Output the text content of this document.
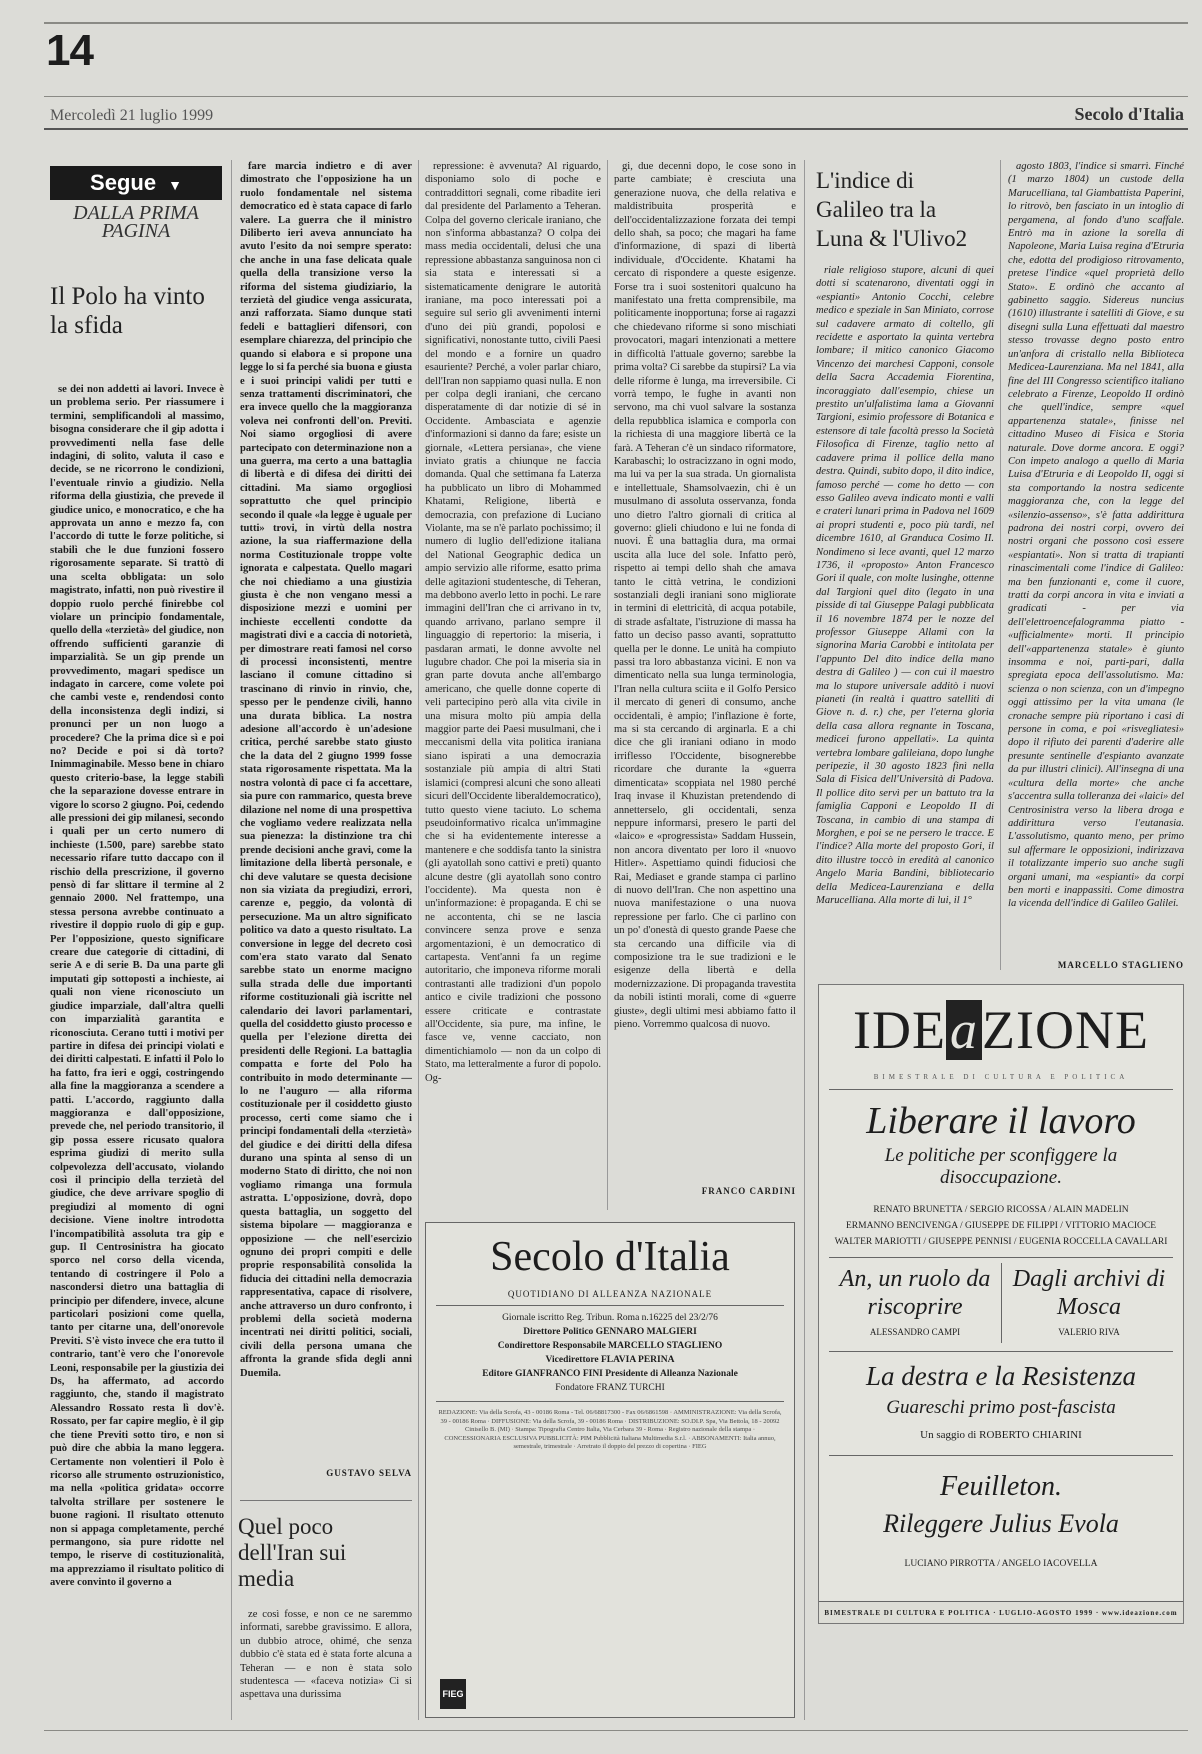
14
Mercoledì 21 luglio 1999	Secolo d'Italia
Segue ▼
DALLA PRIMA PAGINA
Il Polo ha vinto la sfida

se dei non addetti ai lavori. Invece è un problema serio. Per riassumere i termini, semplificandoli al massimo, bisogna considerare che il gip adotta i provvedimenti nella fase delle indagini, di solito, valuta il caso e decide, se ne ricorrono le condizioni, l'eventuale rinvio a giudizio. Nella riforma della giustizia, che prevede il giudice unico, e monocratico, e che ha approvata un anno e mezzo fa, con l'accordo di tutte le forze politiche, si stabilì che le due funzioni fossero rigorosamente separate. Si trattò di una scelta obbligata: un solo magistrato, infatti, non può rivestire il doppio ruolo perché finirebbe col violare un principio fondamentale, quello della «terzietà» del giudice, non offrendo sufficienti garanzie di imparzialità. Se un gip prende un provvedimento, magari spedisce un indagato in carcere, come volete poi che cambi veste e, rendendosi conto della inconsistenza degli indizi, si pronunci per un non luogo a procedere? Che la prima dice sì e poi no? Decide e poi si dà torto? Inimmaginabile. Messo bene in chiaro questo criterio-base, la legge stabilì che la separazione dovesse entrare in vigore lo scorso 2 giugno. Poi, cedendo alle pressioni dei gip milanesi, secondo i quali per un certo numero di inchieste (1.500, pare) sarebbe stato necessario rifare tutto daccapo con il rischio della prescrizione, il governo pensò di far slittare il termine al 2 gennaio 2000. Nel frattempo, una stessa persona avrebbe continuato a rivestire il doppio ruolo di gip e gup. Per l'opposizione, questo significare creare due categorie di cittadini, di serie A e di serie B. Da una parte gli imputati gip sottoposti a inchieste, ai quali non viene riconosciuto un giudice imparziale, dall'altra quelli con imparzialità garantita e riconosciuta. Cerano tutti i motivi per partire in difesa dei principi violati e dei diritti calpestati. E infatti il Polo lo ha fatto, fra ieri e oggi, costringendo alla fine la maggioranza a scendere a patti. L'accordo, raggiunto dalla maggioranza e dall'opposizione, prevede che, nel periodo transitorio, il gip possa essere ricusato qualora esprima giudizi di merito sulla colpevolezza dell'accusato, violando così il principio della terzietà del giudice, che deve arrivare spoglio di pregiudizi al momento di ogni decisione. Viene inoltre introdotta l'incompatibilità assoluta tra gip e gup. Il Centrosinistra ha giocato sporco nel corso della vicenda, tentando di costringere il Polo a nascondersi dietro una battaglia di principio per difendere, invece, alcune particolari posizioni come quella, tanto per citarne una, dell'onorevole Previti. S'è visto invece che era tutto il contrario, tant'è vero che l'onorevole Leoni, responsabile per la giustizia dei Ds, ha affermato, ad accordo raggiunto, che, stando il magistrato Alessandro Rossato resta lì dov'è. Rossato, per far capire meglio, è il gip che tiene Previti sotto tiro, e non si può dire che abbia la mano leggera. Certamente non volentieri il Polo è ricorso alle strumento ostruzionistico, ma nella «politica gridata» occorre talvolta strillare per sostenere le buone ragioni. Il risultato ottenuto non si appaga completamente, perché permangono, sia pure ridotte nel tempo, le riserve di costituzionalità, ma apprezziamo il risultato politico di avere convinto il governo a

fare marcia indietro e di aver dimostrato che l'opposizione ha un ruolo fondamentale nel sistema democratico ed è stata capace di farlo valere. La guerra che il ministro Diliberto ieri aveva annunciato ha avuto l'esito da noi sempre sperato: che anche in una fase delicata quale quella della transizione verso la riforma del sistema giudiziario, la terzietà del giudice venga assicurata, anzi rafforzata. Siamo dunque stati fedeli e battaglieri difensori, con esemplare chiarezza, del principio che quando si elabora e si propone una legge lo si fa perché sia buona e giusta e i suoi principi validi per tutti e senza trattamenti discriminatori, che era invece quello che la maggioranza voleva nei confronti dell'on. Previti. Noi siamo orgogliosi di avere partecipato con determinazione non a una guerra, ma certo a una battaglia di libertà e di difesa dei diritti dei cittadini. Ma siamo orgogliosi soprattutto che quel principio secondo il quale «la legge è uguale per tutti» trovi, in virtù della nostra azione, la sua riaffermazione della norma Costituzionale troppe volte ignorata e calpestata. Quello magari che noi chiediamo a una giustizia giusta è che non vengano messi a disposizione mezzi e uomini per inchieste eccellenti condotte da magistrati divi e a caccia di notorietà, per dimostrare reati famosi nel corso di processi inconsistenti, mentre lasciano il comune cittadino si trascinano di rinvio in rinvio, che, spesso per le pendenze civili, hanno una durata biblica. La nostra adesione all'accordo è un'adesione critica, perché sarebbe stato giusto che la data del 2 giugno 1999 fosse stata rigorosamente rispettata. Ma la nostra volontà di pace ci fa accettare, sia pure con rammarico, questa breve dilazione nel nome di una prospettiva che vogliamo vedere realizzata nella sua pienezza: la distinzione tra chi prende decisioni anche gravi, come la limitazione della libertà personale, e chi deve valutare se questa decisione non sia viziata da pregiudizi, errori, carenze e, peggio, da volontà di persecuzione. Ma un altro significato politico va dato a questo risultato. La conversione in legge del decreto così com'era stato varato dal Senato sarebbe stato un enorme macigno sulla strada delle due importanti riforme costituzionali già iscritte nel calendario dei lavori parlamentari, quella del cosiddetto giusto processo e quella per l'elezione diretta dei presidenti delle Regioni. La battaglia compatta e forte del Polo ha contribuito in modo determinante — lo ne l'auguro — alla riforma costituzionale per il cosiddetto giusto processo, certi come siamo che i principi fondamentali della «terzietà» del giudice e dei diritti della difesa durano una spinta al senso di un moderno Stato di diritto, che noi non vogliamo rimanga una formula astratta. L'opposizione, dovrà, dopo questa battaglia, un soggetto del sistema bipolare — maggioranza e opposizione — che nell'esercizio ognuno dei propri compiti e delle proprie responsabilità consolida la fiducia dei cittadini nella democrazia rappresentativa, capace di risolvere, anche attraverso un duro confronto, i problemi della società moderna incentrati nei diritti politici, sociali, civili della persona umana che affronta la grande sfida degli anni Duemila.

GUSTAVO SELVA
Quel poco dell'Iran sui media

ze così fosse, e non ce ne saremmo informati, sarebbe gravissimo. E allora, un dubbio atroce, ohimé, che senza dubbio c'è stata ed è stata forte alcuna a Teheran — e non è stata solo studentesca — «faceva notizia» Ci si aspettava una durissima

repressione: è avvenuta? Al riguardo, disponiamo solo di poche e contraddittori segnali, come ribadite ieri dal presidente del Parlamento a Teheran. Colpa del governo clericale iraniano, che non s'informa abbastanza? O colpa dei mass media occidentali, delusi che una repressione abbastanza sanguinosa non ci sia stata e interessati sì a sistematicamente denigrare le autorità iraniane, ma poco interessati poi a seguire sul serio gli avvenimenti interni d'uno dei più grandi, popolosi e significativi, nonostante tutto, civili Paesi del mondo e a fornire un quadro esauriente? Perché, a voler parlar chiaro, dell'Iran non sappiamo quasi nulla. E non per colpa degli iraniani, che cercano disperatamente di dar notizie di sé in Occidente. Ambasciata e agenzie d'informazioni si danno da fare; esiste un giornale, «Lettera persiana», che viene inviato gratis a chiunque ne faccia domanda. Qual che settimana fa Laterza ha pubblicato un libro di Mohammed Khatami, Religione, libertà e democrazia, con prefazione di Luciano Violante, ma se n'è parlato pochissimo; il numero di luglio dell'edizione italiana del National Geographic dedica un ampio servizio alle riforme, esatto prima delle agitazioni studentesche, di Teheran, ma debbono averlo letto in pochi. Le rare immagini dell'Iran che ci arrivano in tv, quando arrivano, parlano sempre il linguaggio di repertorio: la miseria, i pasdaran armati, le donne avvolte nel lugubre chador. Che poi la miseria sia in gran parte dovuta anche all'embargo americano, che quelle donne coperte di veli partecipino però alla vita civile in una misura molto più ampia della maggior parte dei Paesi musulmani, che i meccanismi della vita politica iraniana siano ispirati a una democrazia sostanziale più ampia di altri Stati islamici (compresi alcuni che sono alleati sicuri dell'Occidente liberaldemocratico), tutto questo viene taciuto. Lo schema pseudoinformativo ricalca un'immagine che si ha evidentemente interesse a mantenere e che soddisfa tanto la sinistra (gli ayatollah sono cattivi e preti) quanto alcune destre (gli ayatollah sono contro l'occidente). Ma questa non è un'informazione: è propaganda. E chi se ne accontenta, chi se ne lascia convincere senza prove e senza argomentazioni, è un democratico di cartapesta. Vent'anni fa un regime autoritario, che imponeva riforme morali contrastanti alle tradizioni d'un popolo antico e civile tradizioni che possono essere criticate e contrastate all'Occidente, sia pure, ma infine, le fasce ve, venne cacciato, non dimentichiamolo — non da un colpo di Stato, ma letteralmente a furor di popolo. Og-

gi, due decenni dopo, le cose sono in parte cambiate; è cresciuta una generazione nuova, che della relativa e maldistribuita prosperità e dell'occidentalizzazione forzata dei tempi dello shah, sa poco; che magari ha fame d'informazione, di spazi di libertà individuale, d'Occidente. Khatami ha cercato di rispondere a queste esigenze. Forse tra i suoi sostenitori qualcuno ha manifestato una fretta comprensibile, ma politicamente inopportuna; forse ai ragazzi che chiedevano riforme si sono mischiati provocatori, magari intenzionati a mettere in difficoltà l'attuale governo; sarebbe la prima volta? Ci sarebbe da stupirsi? La via delle riforme è lunga, ma irreversibile. Ci vorrà tempo, le fughe in avanti non servono, ma chi vuol salvare la sostanza della repubblica islamica e comporla con la richiesta di una maggiore libertà ce la farà. A Teheran c'è un sindaco riformatore, Karabaschi; lo ostracizzano in ogni modo, ma lui va per la sua strada. Un giornalista e intellettuale, Shamsolvaezin, chi è un musulmano di assoluta osservanza, fonda uno dietro l'altro giornali di critica al governo: glieli chiudono e lui ne fonda di nuovi. È una battaglia dura, ma ormai uscita alla luce del sole. Infatto però, rispetto ai tempi dello shah che amava tanto le città vetrina, le condizioni sostanziali degli iraniani sono migliorate in termini di elettricità, di acqua potabile, di strade asfaltate, l'istruzione di massa ha fatto un deciso passo avanti, soprattutto quella per le donne. Le unità ha compiuto passi tra loro abbastanza vicini. E non va dimenticato nella sua lunga terminologia, l'Iran nella cultura sciita e il Golfo Persico il mercato di generi di consumo, anche occidentali, è ampio; l'inflazione è forte, ma si sta cercando di arginarla. E a chi dice che gli iraniani odiano in modo irriflesso l'Occidente, bisognerebbe ricordare che durante la «guerra dimenticata» scoppiata nel 1980 perché Iraq invase il Khuzistan pretendendo di annetterselo, gli occidentali, senza neppure informarsi, presero le parti del «laico» e «progressista» Saddam Hussein, non ancora diventato per loro il «nuovo Hitler». Aspettiamo quindi fiduciosi che Rai, Mediaset e grande stampa ci parlino di nuovo dell'Iran. Che non aspettino una nuova manifestazione o una nuova repressione per farlo. Che ci parlino con un po' d'onestà di questo grande Paese che sta cercando una difficile via di composizione tra le sue tradizioni e le esigenze della libertà e della modernizzazione. Di propaganda travestita da nobili istinti morali, come di «guerre giuste», degli ultimi mesi abbiamo fatto il pieno. Vorremmo qualcosa di nuovo.

FRANCO CARDINI
Secolo d'Italia
QUOTIDIANO DI ALLEANZA NAZIONALE
Giornale iscritto Reg. Tribun. Roma n.16225 del 23/2/76
Direttore Politico GENNARO MALGIERI
Condirettore Responsabile MARCELLO STAGLIENO
Vicedirettore FLAVIA PERINA
Editore GIANFRANCO FINI Presidente di Alleanza Nazionale
Fondatore FRANZ TURCHI
REDAZIONE: Via della Scrofa, 43 - 00186 Roma - Tel. 06/68817300 - Fax 06/6861598 · AMMINISTRAZIONE: Via della Scrofa, 39 - 00186 Roma · DIFFUSIONE: Via della Scrofa, 39 - 00186 Roma · DISTRIBUZIONE: SO.DI.P. Spa, Via Bettola, 18 - 20092 Cinisello B. (MI) · Stampa: Tipografia Centro Italia, Via Cerbara 39 - Roma · Registro nazionale della stampa · CONCESSIONARIA ESCLUSIVA PUBBLICITÀ: PIM Pubblicità Italiana Multimedia S.r.l. · ABBONAMENTI: Italia annuo, semestrale, trimestrale · Arretrato il doppio del prezzo di copertina · FIEG
FIEG
L'indice di Galileo tra la Luna & l'Ulivo2

riale religioso stupore, alcuni di quei dotti si scatenarono, diventati oggi in «espianti» Antonio Cocchi, celebre medico e speziale in San Miniato, corrose sul cadavere armato di coltello, gli recidette e asportato la quinta vertebra lombare; il mitico canonico Giacomo Vincenzo dei marchesi Capponi, console della Sacra Accademia Fiorentina, incoraggiato dall'esempio, chiese un prestito un'ulfalistima lama a Giovanni Targioni, esimio professore di Botanica e estensore di tale facoltà presso la Società Filosofica di Firenze, taglio netto al cadavere prima il pollice della mano destra. Quindi, subito dopo, il dito indice, famoso perché — come ho detto — con esso Galileo aveva indicato monti e valli e crateri lunari prima in Padova nel 1609 ai propri studenti e, poco più tardi, nel dicembre 1610, al Granduca Cosimo II. Nondimeno si lece avanti, quel 12 marzo 1736, il «proposto» Anton Francesco Gori il quale, con molte lusinghe, ottenne dal Targioni quel dito (legato in una pisside di tal Giuseppe Palagi pubblicata il 16 novembre 1874 per le nozze del professor Giuseppe Allami con la signorina Maria Carobbi e intitolata per l'appunto Del dito indice della mano destra di Galileo ) — con cui il maestro ma lo stupore universale additò i nuovi pianeti (in realtà i quattro satelliti di Giove n. d. r.) che, per l'eterna gloria della casa allora regnante in Toscana, medicei furono appellati». La quinta vertebra lombare galileiana, dopo lunghe peripezie, il 30 agosto 1823 finì nella Sala di Fisica dell'Università di Padova. Il pollice dito servì per un battuto tra la famiglia Capponi e Leopoldo II di Toscana, in cambio di una stampa di Morghen, e poi se ne persero le tracce. E l'indice? Alla morte del proposto Gori, il dito illustre toccò in eredità al canonico Angelo Maria Bandini, bibliotecario della Medicea-Laurenziana e della Marucelliana. Alla morte di lui, il 1°

agosto 1803, l'indice si smarrì. Finché (1 marzo 1804) un custode della Marucelliana, tal Giambattista Paperini, lo ritrovò, ben fasciato in un intoglio di pergamena, al fondo d'uno scaffale. Entrò ma in azione la sorella di Napoleone, Maria Luisa regina d'Etruria che, edotta del prodigioso ritrovamento, pretese l'indice «quel proprietà dello Stato». E ordinò che accanto al gabinetto saggio. Sidereus nuncius (1610) illustrante i satelliti di Giove, e su disegni sulla Luna effettuati dal maestro stesso trovasse degno posto entro un'anfora di cristallo nella Biblioteca Medicea-Laurenziana. Ma nel 1841, alla fine del III Congresso scientifico italiano celebrato a Firenze, Leopoldo II ordinò che quell'indice, sempre «quel appartenenza statale», finisse nel cittadino Museo di Fisica e Storia naturale. Dove dorme ancora. E oggi? Con impeto analogo a quello di Maria Luisa d'Etruria e di Leopoldo II, oggi si sta comportando la nostra sedicente maggioranza che, con la legge del «silenzio-assenso», s'è fatta addirittura padrona dei nostri corpi, ovvero dei nostri organi che possono così essere «espiantati». Non si tratta di trapianti rinascimentali come l'indice di Galileo: ma ben funzionanti e, come il cuore, tratti da corpi ancora in vita e inviati a gradicati - per via dell'elettroencefalogramma piatto - «ufficialmente» morti. Il principio dell'«appartenenza statale» è giunto insomma e noi, parti-pari, dalla spregiata epoca dell'assolutismo. Ma: scienza o non scienza, con un d'impegno oggi attissimo per la vita umana (le cronache sempre più riportano i casi di persone in coma, e poi «risvegliatesi» dopo il rifiuto dei parenti d'aderire alle presunte sentinelle d'espianto avanzate da pur illustri clinici). All'insegna di una «cultura della morte» che anche s'accentra sulla tolleranza dei «laici» del Centrosinistra verso la libera droga e addirittura verso l'eutanasia. L'assolutismo, quanto meno, per primo sul affermare le opposizioni, indirizzava il totalizzante imperio suo anche sugli organi umani, ma «espianti» da corpi ben morti e inappassiti. Come dimostra la vicenda dell'indice di Galileo Galilei.

MARCELLO STAGLIENO
IDEaZIONE
BIMESTRALE DI CULTURA E POLITICA
Liberare il lavoro
Le politiche per sconfiggere la disoccupazione.
RENATO BRUNETTA / SERGIO RICOSSA / ALAIN MADELIN
ERMANNO BENCIVENGA / GIUSEPPE DE FILIPPI / VITTORIO MACIOCE
WALTER MARIOTTI / GIUSEPPE PENNISI / EUGENIA ROCCELLA CAVALLARI
An, un ruolo da riscoprire
ALESSANDRO CAMPI
Dagli archivi di Mosca
VALERIO RIVA
La destra e la Resistenza
Guareschi primo post-fascista
Un saggio di ROBERTO CHIARINI
Feuilleton.
Rileggere Julius Evola
LUCIANO PIRROTTA / ANGELO IACOVELLA
BIMESTRALE DI CULTURA E POLITICA · LUGLIO-AGOSTO 1999 · www.ideazione.com
